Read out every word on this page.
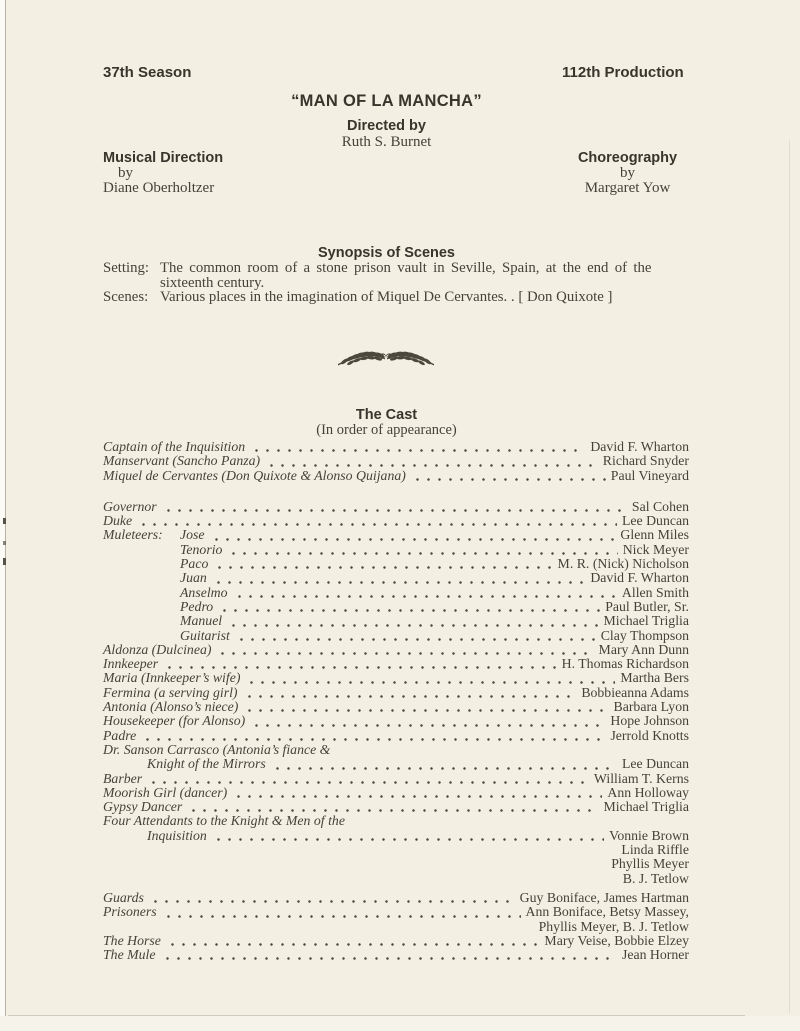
37th Season	112th Production
“MAN OF LA MANCHA”
Directed by
Ruth S. Burnet
Musical Direction
by
Diane Oberholtzer
Choreography
by
Margaret Yow
Synopsis of Scenes
Setting: The common room of a stone prison vault in Seville, Spain, at the end of the
sixteenth century.
Scenes: Various places in the imagination of Miquel De Cervantes. . [ Don Quixote ]
The Cast
(In order of appearance)
Captain of the Inquisition	David F. Wharton
Manservant (Sancho Panza)	Richard Snyder
Miquel de Cervantes (Don Quixote & Alonso Quijana)	Paul Vineyard
Governor	Sal Cohen
Duke	Lee Duncan
Muleteers:	Jose	Glenn Miles
Tenorio	Nick Meyer
Paco	M. R. (Nick) Nicholson
Juan	David F. Wharton
Anselmo	Allen Smith
Pedro	Paul Butler, Sr.
Manuel	Michael Triglia
Guitarist	Clay Thompson
Aldonza (Dulcinea)	Mary Ann Dunn
Innkeeper	H. Thomas Richardson
Maria (Innkeeper’s wife)	Martha Bers
Fermina (a serving girl)	Bobbieanna Adams
Antonia (Alonso’s niece)	Barbara Lyon
Housekeeper (for Alonso)	Hope Johnson
Padre	Jerrold Knotts
Dr. Sanson Carrasco (Antonia’s fiance &
Knight of the Mirrors	Lee Duncan
Barber	William T. Kerns
Moorish Girl (dancer)	Ann Holloway
Gypsy Dancer	Michael Triglia
Four Attendants to the Knight & Men of the
Inquisition	Vonnie Brown
Linda Riffle
Phyllis Meyer
B. J. Tetlow
Guards	Guy Boniface, James Hartman
Prisoners	Ann Boniface, Betsy Massey,
Phyllis Meyer, B. J. Tetlow
The Horse	Mary Veise, Bobbie Elzey
The Mule	Jean Horner
